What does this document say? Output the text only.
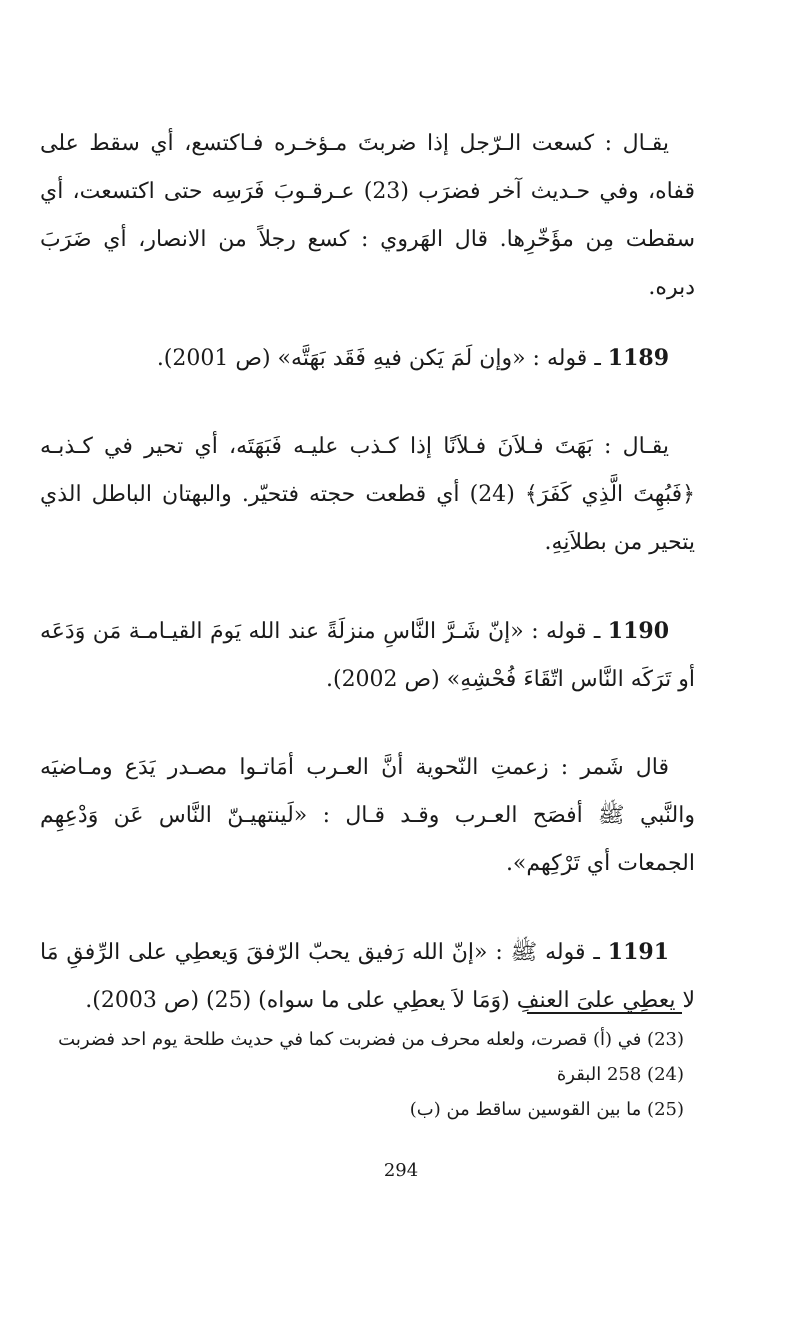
يقـال : كسعت الـرّجل إذا ضربتَ مـؤخـره فـاكتسع، أي سقط على قفاه، وفي حـديث آخر فضرَب (23) عـرقـوبَ فَرَسِه حتى اكتسعت، أي سقطت مِن مؤَخّرِها. قال الهَروي : كسع رجلاً من الانصار، أي ضَرَبَ دبره.

1189 ـ قوله : «وإن لَمَ يَكن فيهِ فَقَد بَهَتَّه» (ص 2001).

يقـال : بَهَتَ فـلاَنَ فـلاَنًا إذا كـذب عليـه فَبَهَتَه، أي تحير في كـذبـه ﴿فَبُهِتَ الَّذِي كَفَرَ﴾ (24) أي قطعت حجته فتحيّر. والبهتان الباطل الذي يتحير من بطلاَنِهِ.

1190 ـ قوله : «إنّ شَـرَّ النَّاسِ منزلَةً عند الله يَومَ القيـامـة مَن وَدَعَه أو تَرَكَه النَّاس اتّقَاءَ فُحْشِهِ» (ص 2002).

قال شَمر : زعمتِ النّحوية أنَّ العـرب أمَاتـوا مصـدر يَدَع ومـاضيَه والنَّبي ﷺ أفصَح العـرب وقـد قـال : «لَينتهيـنّ النَّاس عَن وَدْعِهِم الجمعات أي تَرْكِهم».

1191 ـ قوله ﷺ : «إنّ الله رَفيق يحبّ الرّفقَ وَيعطِي على الرِّفقِ مَا لا يعطِي علىَ العنفِ (وَمَا لاَ يعطِي على ما سواه) (25) (ص 2003).

(23) في (أ) قصرت، ولعله محرف من فضربت كما في حديث طلحة يوم احد فضربت

(24) 258 البقرة

(25) ما بين القوسين ساقط من (ب)

294
